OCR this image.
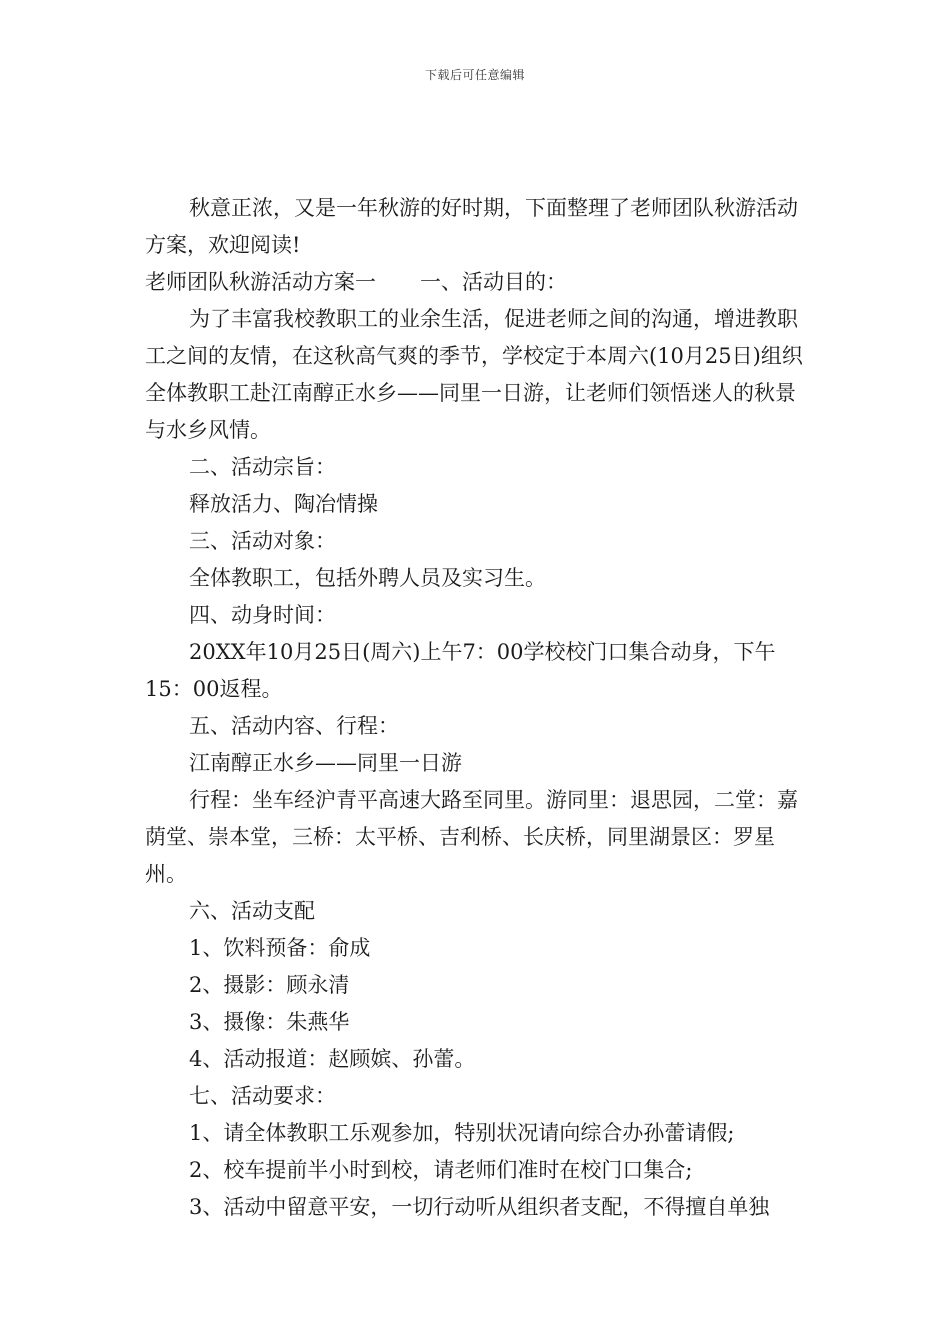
下载后可任意编辑

秋意正浓，又是一年秋游的好时期，下面整理了老师团队秋游活动方案，欢迎阅读!

老师团队秋游活动方案一 一、活动目的：

为了丰富我校教职工的业余生活，促进老师之间的沟通，增进教职工之间的友情，在这秋高气爽的季节，学校定于本周六(10月25日)组织全体教职工赴江南醇正水乡——同里一日游，让老师们领悟迷人的秋景与水乡风情。

二、活动宗旨：

释放活力、陶冶情操

三、活动对象：

全体教职工，包括外聘人员及实习生。

四、动身时间：

20XX年10月25日(周六)上午7：00学校校门口集合动身，下午15：00返程。

五、活动内容、行程：

江南醇正水乡——同里一日游

行程：坐车经沪青平高速大路至同里。游同里：退思园，二堂：嘉荫堂、崇本堂，三桥：太平桥、吉利桥、长庆桥，同里湖景区：罗星州。

六、活动支配

1、饮料预备：俞成

2、摄影：顾永清

3、摄像：朱燕华

4、活动报道：赵顾嫔、孙蕾。

七、活动要求：

1、请全体教职工乐观参加，特别状况请向综合办孙蕾请假;

2、校车提前半小时到校，请老师们准时在校门口集合;

3、活动中留意平安，一切行动听从组织者支配，不得擅自单独
